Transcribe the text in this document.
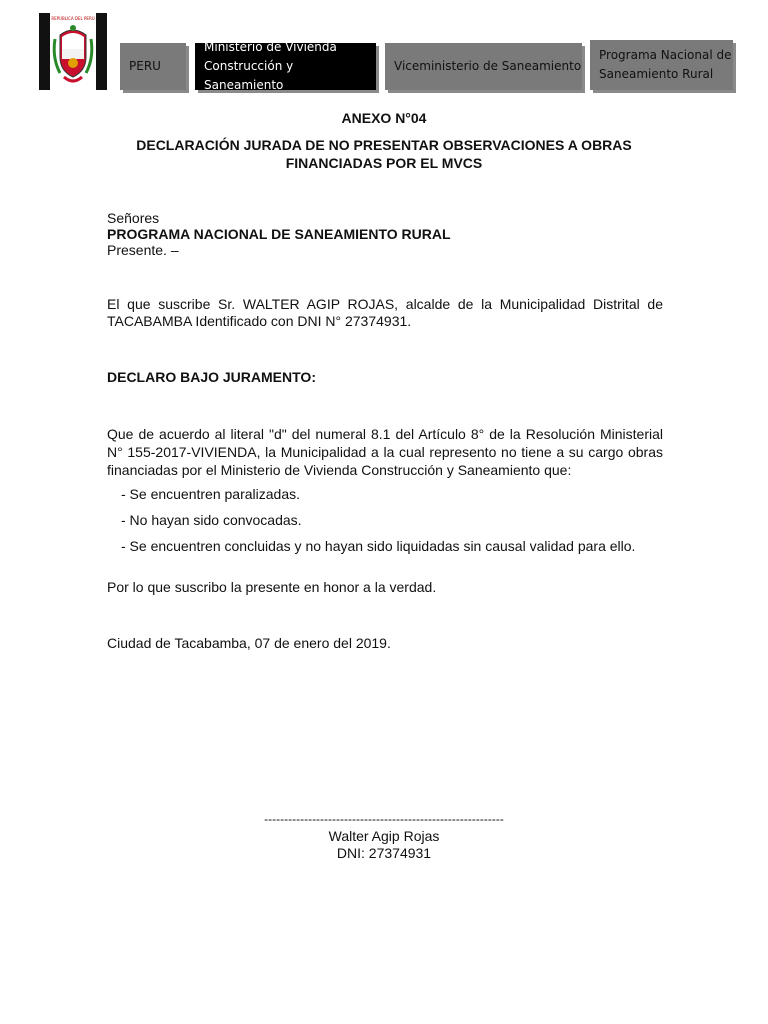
REPÚBLICA DEL PERÚ
PERU
Ministerio de Vivienda
Construcción y Saneamiento
Viceministerio de Saneamiento
Programa Nacional de
Saneamiento Rural
ANEXO N°04
DECLARACIÓN JURADA DE NO PRESENTAR OBSERVACIONES A OBRAS
FINANCIADAS POR EL MVCS
Señores
PROGRAMA NACIONAL DE SANEAMIENTO RURAL
Presente. –
El que suscribe Sr. WALTER AGIP ROJAS, alcalde de la Municipalidad Distrital de TACABAMBA Identificado con DNI N° 27374931.
DECLARO BAJO JURAMENTO:
Que de acuerdo al literal "d" del numeral 8.1 del Artículo 8° de la Resolución Ministerial N° 155-2017-VIVIENDA, la Municipalidad a la cual represento no tiene a su cargo obras financiadas por el Ministerio de Vivienda Construcción y Saneamiento que:
- Se encuentren paralizadas.
- No hayan sido convocadas.
- Se encuentren concluidas y no hayan sido liquidadas sin causal validad para ello.
Por lo que suscribo la presente en honor a la verdad.
Ciudad de Tacabamba, 07 de enero del 2019.
------------------------------------------------------------
Walter Agip Rojas
DNI: 27374931
